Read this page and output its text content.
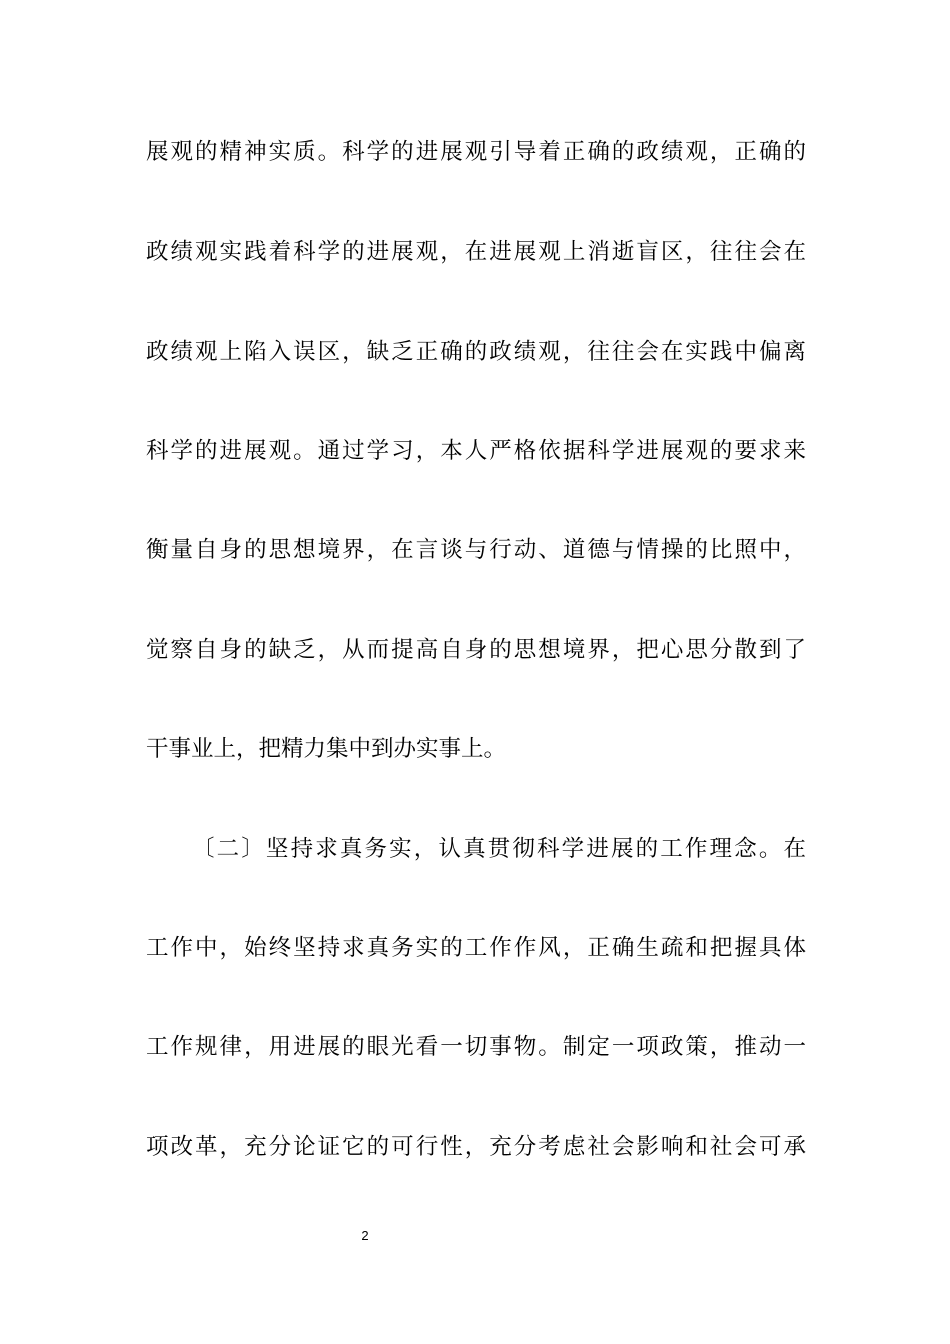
展观的精神实质。科学的进展观引导着正确的政绩观，正确的
政绩观实践着科学的进展观，在进展观上消逝盲区，往往会在
政绩观上陷入误区，缺乏正确的政绩观，往往会在实践中偏离
科学的进展观。通过学习，本人严格依据科学进展观的要求来
衡量自身的思想境界，在言谈与行动、道德与情操的比照中，
觉察自身的缺乏，从而提高自身的思想境界，把心思分散到了
干事业上，把精力集中到办实事上。
〔二〕坚持求真务实，认真贯彻科学进展的工作理念。在
工作中，始终坚持求真务实的工作作风，正确生疏和把握具体
工作规律，用进展的眼光看一切事物。制定一项政策，推动一
项改革，充分论证它的可行性，充分考虑社会影响和社会可承
2
